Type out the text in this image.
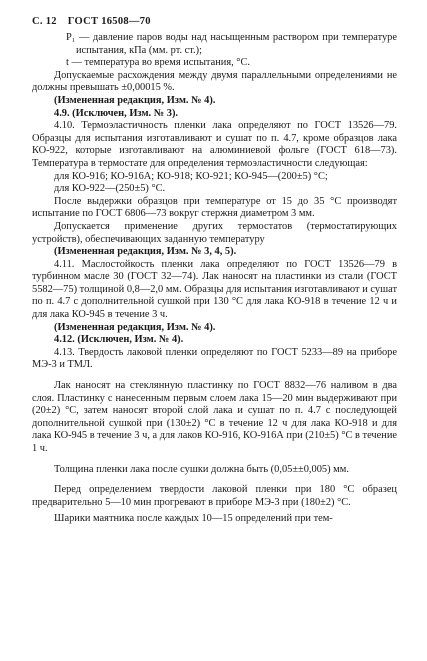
С. 12 ГОСТ 16508—70

P₁ — давление паров воды над насыщенным раствором при температуре испытания, кПа (мм. рт. ст.);

t — температура во время испытания, °С.

Допускаемые расхождения между двумя параллельными определениями не должны превышать ±0,00015 %.

(Измененная редакция, Изм. № 4).

4.9. (Исключен, Изм. № 3).

4.10. Термоэластичность пленки лака определяют по ГОСТ 13526—79. Образцы для испытания изготавливают и сушат по п. 4.7, кроме образцов лака КО-922, которые изготавливают на алюминиевой фольге (ГОСТ 618—73). Температура в термостате для определения термоэластичности следующая:

для КО-916; КО-916А; КО-918; КО-921; КО-945—(200±5) °С;

для КО-922—(250±5) °С.

После выдержки образцов при температуре от 15 до 35 °С производят испытание по ГОСТ 6806—73 вокруг стержня диаметром 3 мм.

Допускается применение других термостатов (термостатирующих устройств), обеспечивающих заданную температуру

(Измененная редакция, Изм. № 3, 4, 5).

4.11. Маслостойкость пленки лака определяют по ГОСТ 13526—79 в турбинном масле 30 (ГОСТ 32—74). Лак наносят на пластинки из стали (ГОСТ 5582—75) толщиной 0,8—2,0 мм. Образцы для испытания изготавливают и сушат по п. 4.7 с дополнительной сушкой при 130 °С для лака КО-918 в течение 12 ч и для лака КО-945 в течение 3 ч.

(Измененная редакция, Изм. № 4).

4.12. (Исключен, Изм. № 4).

4.13. Твердость лаковой пленки определяют по ГОСТ 5233—89 на приборе МЭ-3 и ТМЛ.

Лак наносят на стеклянную пластинку по ГОСТ 8832—76 наливом в два слоя. Пластинку с нанесенным первым слоем лака 15—20 мин выдерживают при (20±2) °С, затем наносят второй слой лака и сушат по п. 4.7 с последующей дополнительной сушкой при (130±2) °С в течение 12 ч для лака КО-918 и для лака КО-945 в течение 3 ч, а для лаков КО-916, КО-916А при (210±5) °С в течение 1 ч.

Толщина пленки лака после сушки должна быть (0,05±±0,005) мм.

Перед определением твердости лаковой пленки при 180 °С образец предварительно 5—10 мин прогревают в приборе МЭ-3 при (180±2) °С.

Шарики маятника после каждых 10—15 определений при тем-
